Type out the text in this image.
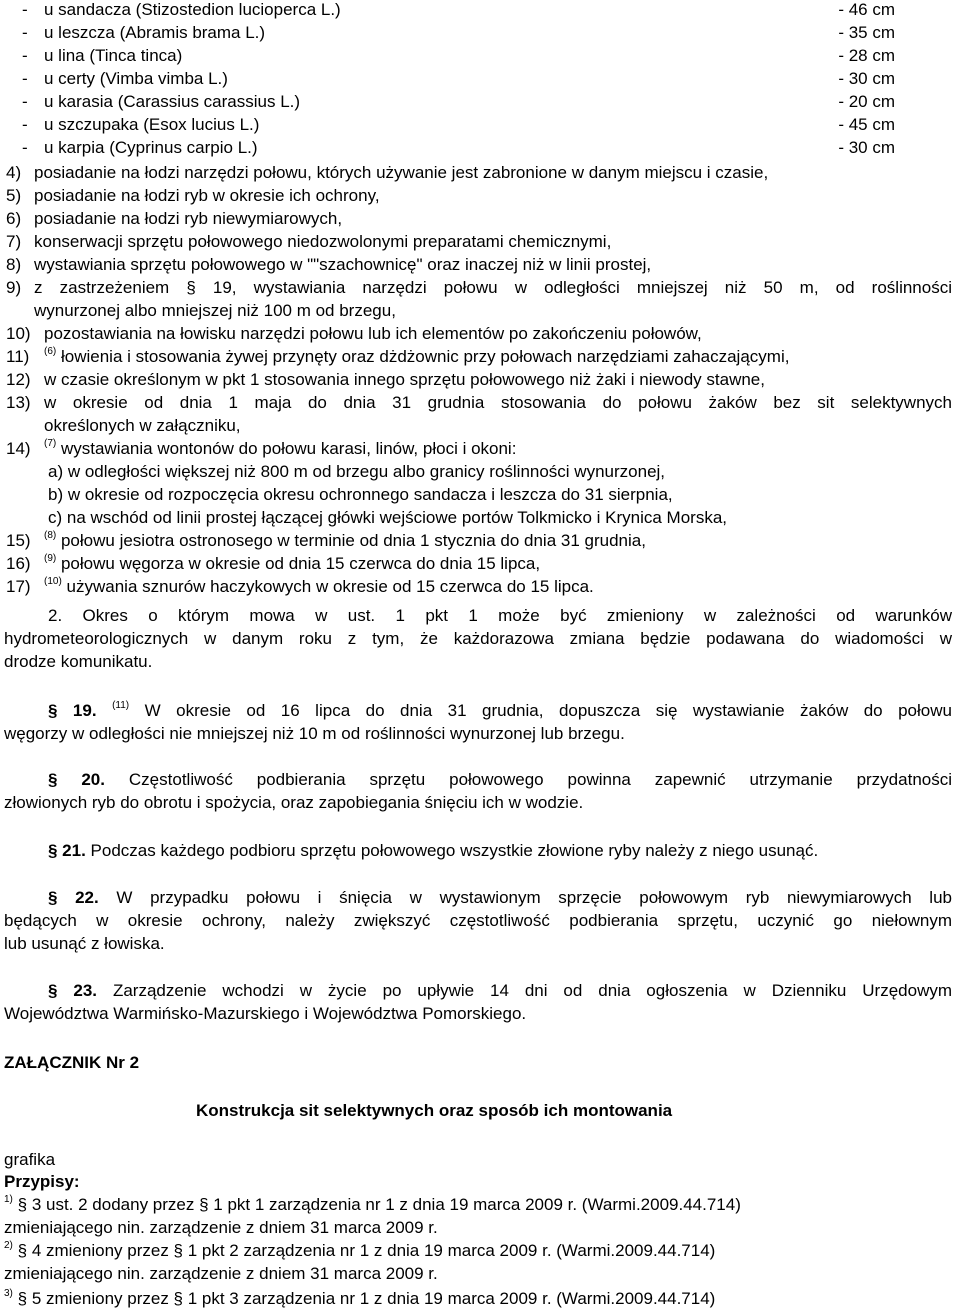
- u sandacza (Stizostedion lucioperca L.)	- 46 cm
- u leszcza (Abramis brama L.)	- 35 cm
- u lina (Tinca tinca)	- 28 cm
- u certy (Vimba vimba L.)	- 30 cm
- u karasia (Carassius carassius L.)	- 20 cm
- u szczupaka (Esox lucius L.)	- 45 cm
- u karpia (Cyprinus carpio L.)	- 30 cm
4) posiadanie na łodzi narzędzi połowu, których używanie jest zabronione w danym miejscu i czasie,
5) posiadanie na łodzi ryb w okresie ich ochrony,
6) posiadanie na łodzi ryb niewymiarowych,
7) konserwacji sprzętu połowowego niedozwolonymi preparatami chemicznymi,
8) wystawiania sprzętu połowowego w ""szachownicę" oraz inaczej niż w linii prostej,
9) z zastrzeżeniem § 19, wystawiania narzędzi połowu w odległości mniejszej niż 50 m, od roślinności
wynurzonej albo mniejszej niż 100 m od brzegu,
10) pozostawiania na łowisku narzędzi połowu lub ich elementów po zakończeniu połowów,
11) $^{(6)}$ łowienia i stosowania żywej przynęty oraz dżdżownic przy połowach narzędziami zahaczającymi,
12) w czasie określonym w pkt 1 stosowania innego sprzętu połowowego niż żaki i niewody stawne,
13) w okresie od dnia 1 maja do dnia 31 grudnia stosowania do połowu żaków bez sit selektywnych
określonych w załączniku,
14) $^{(7)}$ wystawiania wontonów do połowu karasi, linów, płoci i okoni:
a) w odległości większej niż 800 m od brzegu albo granicy roślinności wynurzonej,
b) w okresie od rozpoczęcia okresu ochronnego sandacza i leszcza do 31 sierpnia,
c) na wschód od linii prostej łączącej główki wejściowe portów Tolkmicko i Krynica Morska,
15) $^{(8)}$ połowu jesiotra ostronosego w terminie od dnia 1 stycznia do dnia 31 grudnia,
16) $^{(9)}$ połowu węgorza w okresie od dnia 15 czerwca do dnia 15 lipca,
17) $^{(10)}$ używania sznurów haczykowych w okresie od 15 czerwca do 15 lipca.
2. Okres o którym mowa w ust. 1 pkt 1 może być zmieniony w zależności od warunków
hydrometeorologicznych w danym roku z tym, że każdorazowa zmiana będzie podawana do wiadomości w
drodze komunikatu.
§ 19. $^{(11)}$ W okresie od 16 lipca do dnia 31 grudnia, dopuszcza się wystawianie żaków do połowu
węgorzy w odległości nie mniejszej niż 10 m od roślinności wynurzonej lub brzegu.
§ 20. Częstotliwość podbierania sprzętu połowowego powinna zapewnić utrzymanie przydatności
złowionych ryb do obrotu i spożycia, oraz zapobiegania śnięciu ich w wodzie.
§ 21. Podczas każdego podbioru sprzętu połowowego wszystkie złowione ryby należy z niego usunąć.
§ 22. W przypadku połowu i śnięcia w wystawionym sprzęcie połowowym ryb niewymiarowych lub
będących w okresie ochrony, należy zwiększyć częstotliwość podbierania sprzętu, uczynić go niełownym
lub usunąć z łowiska.
§ 23. Zarządzenie wchodzi w życie po upływie 14 dni od dnia ogłoszenia w Dzienniku Urzędowym
Województwa Warmińsko-Mazurskiego i Województwa Pomorskiego.
ZAŁĄCZNIK Nr 2
Konstrukcja sit selektywnych oraz sposób ich montowania
grafika
Przypisy:
$^{1)}$ § 3 ust. 2 dodany przez § 1 pkt 1 zarządzenia nr 1 z dnia 19 marca 2009 r. (Warmi.2009.44.714)
zmieniającego nin. zarządzenie z dniem 31 marca 2009 r.
$^{2)}$ § 4 zmieniony przez § 1 pkt 2 zarządzenia nr 1 z dnia 19 marca 2009 r. (Warmi.2009.44.714)
zmieniającego nin. zarządzenie z dniem 31 marca 2009 r.
$^{3)}$ § 5 zmieniony przez § 1 pkt 3 zarządzenia nr 1 z dnia 19 marca 2009 r. (Warmi.2009.44.714)
